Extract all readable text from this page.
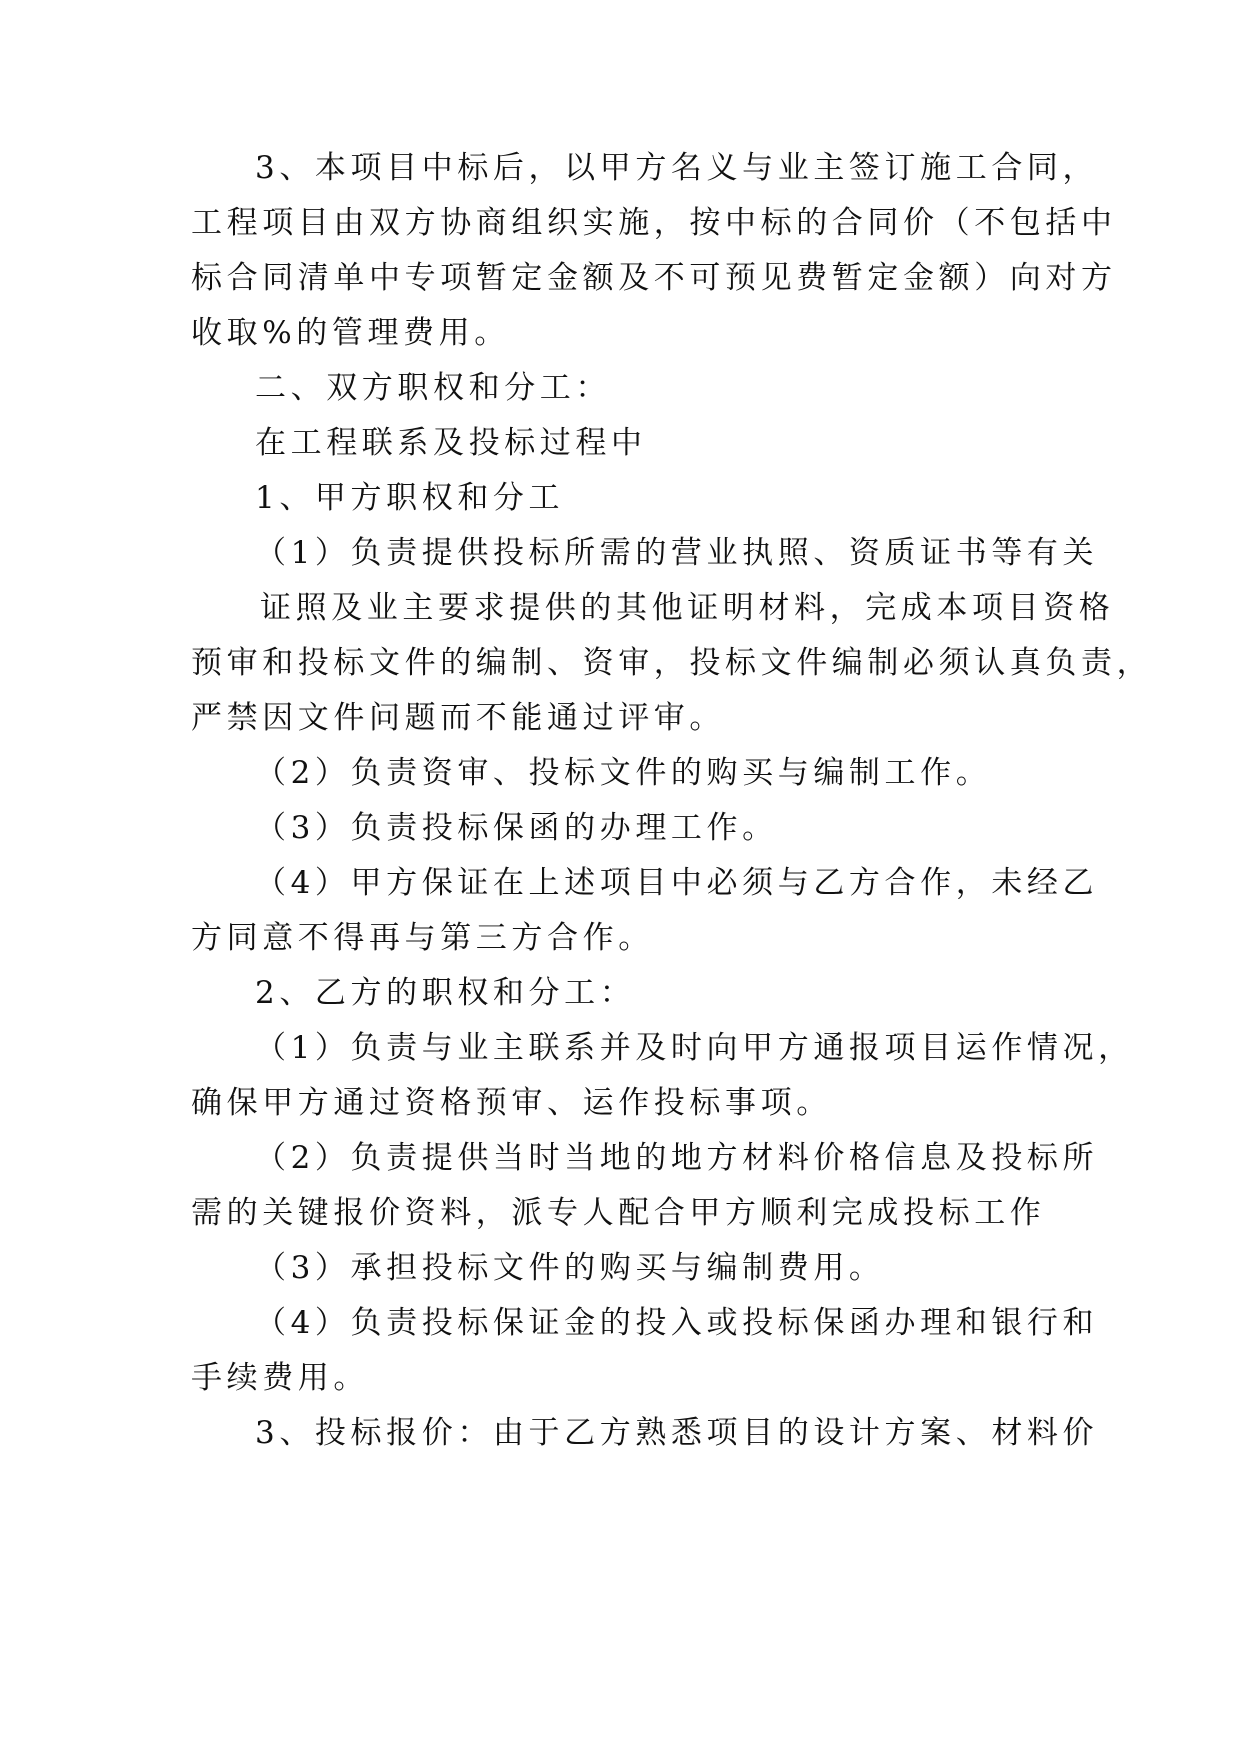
3、本项目中标后，以甲方名义与业主签订施工合同，
工程项目由双方协商组织实施，按中标的合同价（不包括中
标合同清单中专项暂定金额及不可预见费暂定金额）向对方
收取%的管理费用。
二、双方职权和分工：
在工程联系及投标过程中
1、甲方职权和分工
（1）负责提供投标所需的营业执照、资质证书等有关
证照及业主要求提供的其他证明材料，完成本项目资格
预审和投标文件的编制、资审，投标文件编制必须认真负责，
严禁因文件问题而不能通过评审。
（2）负责资审、投标文件的购买与编制工作。
（3）负责投标保函的办理工作。
（4）甲方保证在上述项目中必须与乙方合作，未经乙
方同意不得再与第三方合作。
2、乙方的职权和分工：
（1）负责与业主联系并及时向甲方通报项目运作情况，
确保甲方通过资格预审、运作投标事项。
（2）负责提供当时当地的地方材料价格信息及投标所
需的关键报价资料，派专人配合甲方顺利完成投标工作
（3）承担投标文件的购买与编制费用。
（4）负责投标保证金的投入或投标保函办理和银行和
手续费用。
3、投标报价：由于乙方熟悉项目的设计方案、材料价
